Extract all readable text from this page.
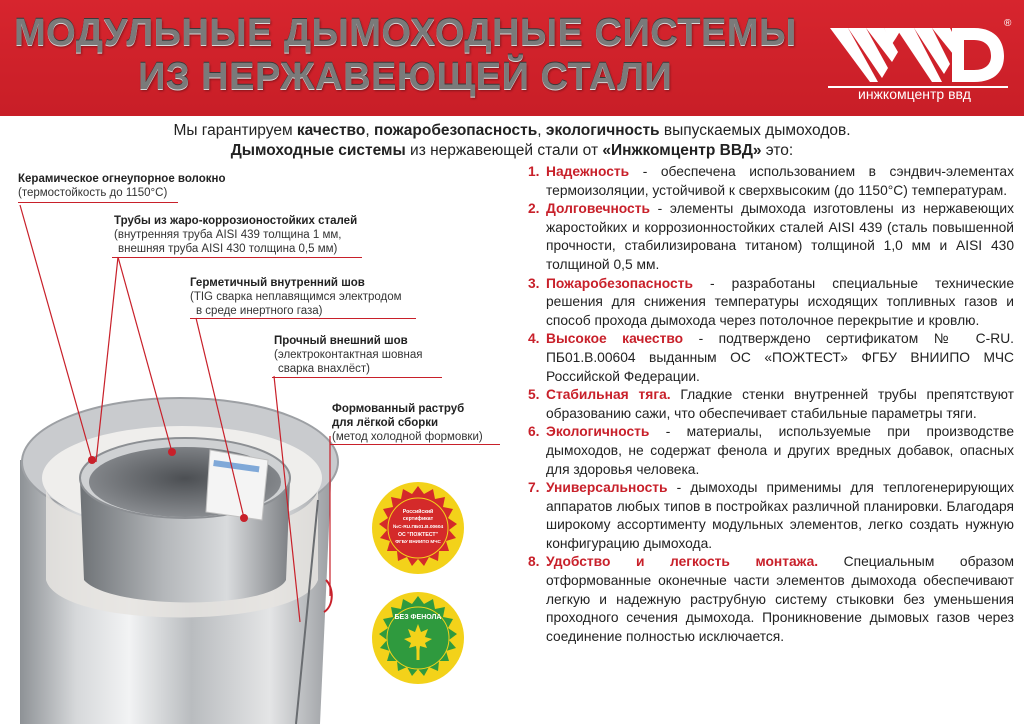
МОДУЛЬНЫЕ ДЫМОХОДНЫЕ СИСТЕМЫ
ИЗ НЕРЖАВЕЮЩЕЙ СТАЛИ
®
инжкомцентр ввд
Мы гарантируем качество, пожаробезопасность, экологичность выпускаемых дымоходов.
Дымоходные системы из нержавеющей стали от «Инжкомцентр ВВД» это:
Керамическое огнеупорное волокно
(термостойкость до 1150°С)
Трубы из жаро-коррозионостойких сталей
(внутренняя труба AISI 439 толщина 1 мм,
внешняя труба AISI 430 толщина 0,5 мм)
Герметичный внутренний шов
(TIG сварка неплавящимся электродом
в среде инертного газа)
Прочный внешний шов
(электроконтактная шовная
сварка внахлёст)
Формованный раструб
для лёгкой сборки
(метод холодной формовки)
Российский
сертификат
№С-RU.ПБ01.В.00604
ОС "ПОЖТЕСТ"
ФГБУ ВНИИПО МЧС
БЕЗ ФЕНОЛА
1. Надежность - обеспечена использованием в сэндвич-элементах термоизоляции, устойчивой к сверхвысоким (до 1150°С) температурам.
2. Долговечность - элементы дымохода изготовлены из нержавеющих жаростойких и коррозионностойких сталей AISI 439 (сталь повышенной прочности, стабилизирована титаном) толщиной 1,0 мм и AISI 430 толщиной 0,5 мм.
3. Пожаробезопасность - разработаны специальные технические решения для снижения температуры исходящих топливных газов и способ прохода дымохода через потолочное перекрытие и кровлю.
4. Высокое качество - подтверждено сертификатом № С-RU. ПБ01.В.00604 выданным ОС «ПОЖТЕСТ» ФГБУ ВНИИПО МЧС Российской Федерации.
5. Стабильная тяга. Гладкие стенки внутренней трубы препятствуют образованию сажи, что обеспечивает стабильные параметры тяги.
6. Экологичность - материалы, используемые при производстве дымоходов, не содержат фенола и других вредных добавок, опасных для здоровья человека.
7. Универсальность - дымоходы применимы для теплогенерирующих аппаратов любых типов в постройках различной планировки. Благодаря широкому ассортименту модульных элементов, легко создать нужную конфигурацию дымохода.
8. Удобство и легкость монтажа. Специальным образом отформованные оконечные части элементов дымохода обеспечивают легкую и надежную раструбную систему стыковки без уменьшения проходного сечения дымохода. Проникновение дымовых газов через соединение полностью исключается.
